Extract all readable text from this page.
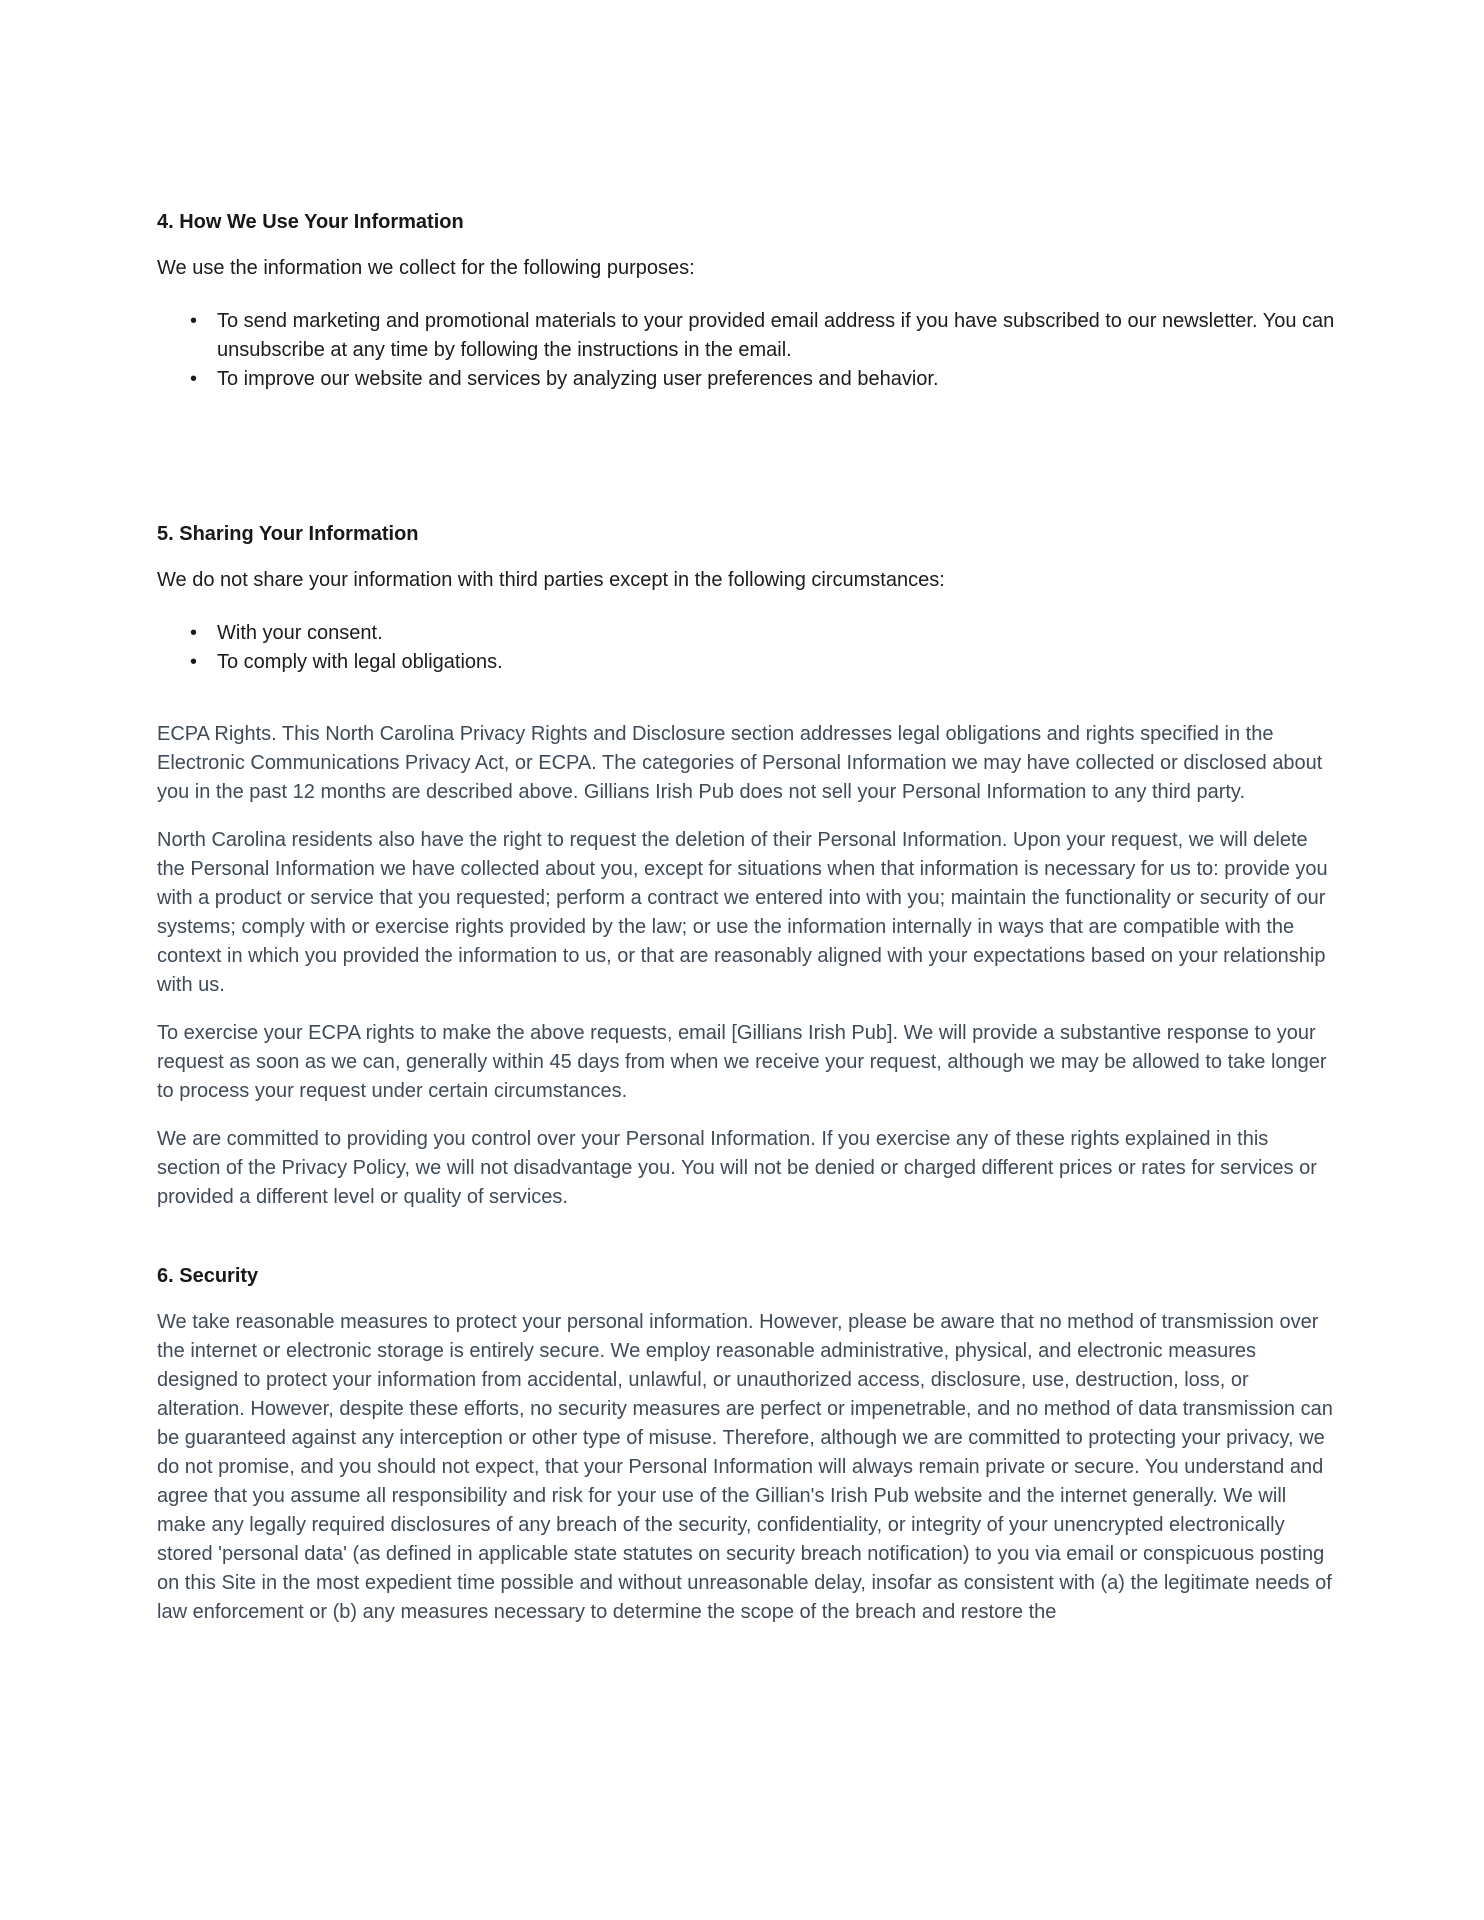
4. How We Use Your Information

We use the information we collect for the following purposes:

• To send marketing and promotional materials to your provided email address if you have subscribed to our newsletter. You can unsubscribe at any time by following the instructions in the email.
• To improve our website and services by analyzing user preferences and behavior.
5. Sharing Your Information

We do not share your information with third parties except in the following circumstances:

• With your consent.
• To comply with legal obligations.

ECPA Rights. This North Carolina Privacy Rights and Disclosure section addresses legal obligations and rights specified in the Electronic Communications Privacy Act, or ECPA. The categories of Personal Information we may have collected or disclosed about you in the past 12 months are described above. Gillians Irish Pub does not sell your Personal Information to any third party.

North Carolina residents also have the right to request the deletion of their Personal Information. Upon your request, we will delete the Personal Information we have collected about you, except for situations when that information is necessary for us to: provide you with a product or service that you requested; perform a contract we entered into with you; maintain the functionality or security of our systems; comply with or exercise rights provided by the law; or use the information internally in ways that are compatible with the context in which you provided the information to us, or that are reasonably aligned with your expectations based on your relationship with us.

To exercise your ECPA rights to make the above requests, email [Gillians Irish Pub]. We will provide a substantive response to your request as soon as we can, generally within 45 days from when we receive your request, although we may be allowed to take longer to process your request under certain circumstances.

We are committed to providing you control over your Personal Information. If you exercise any of these rights explained in this section of the Privacy Policy, we will not disadvantage you. You will not be denied or charged different prices or rates for services or provided a different level or quality of services.

6. Security

We take reasonable measures to protect your personal information. However, please be aware that no method of transmission over the internet or electronic storage is entirely secure. We employ reasonable administrative, physical, and electronic measures designed to protect your information from accidental, unlawful, or unauthorized access, disclosure, use, destruction, loss, or alteration. However, despite these efforts, no security measures are perfect or impenetrable, and no method of data transmission can be guaranteed against any interception or other type of misuse. Therefore, although we are committed to protecting your privacy, we do not promise, and you should not expect, that your Personal Information will always remain private or secure. You understand and agree that you assume all responsibility and risk for your use of the Gillian's Irish Pub website and the internet generally. We will make any legally required disclosures of any breach of the security, confidentiality, or integrity of your unencrypted electronically stored 'personal data' (as defined in applicable state statutes on security breach notification) to you via email or conspicuous posting on this Site in the most expedient time possible and without unreasonable delay, insofar as consistent with (a) the legitimate needs of law enforcement or (b) any measures necessary to determine the scope of the breach and restore the
